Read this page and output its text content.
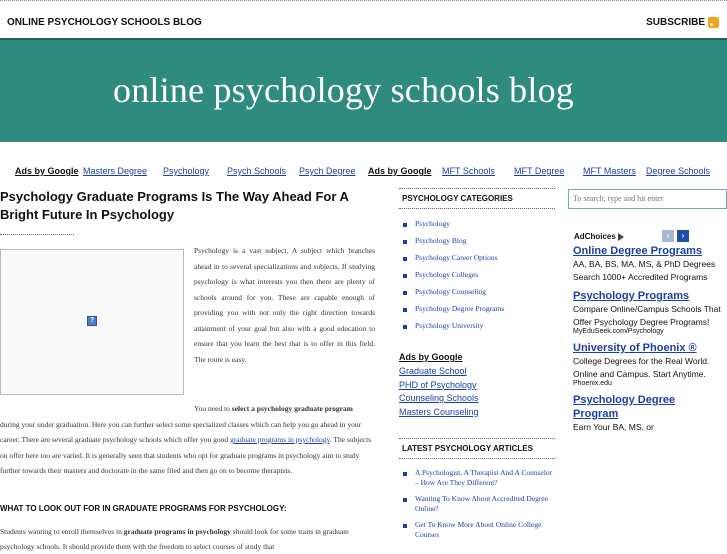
ONLINE PSYCHOLOGY SCHOOLS BLOG	SUBSCRIBE
online psychology schools blog
Ads by Google Masters Degree Psychology Psych Schools Psych Degree Ads by Google MFT Schools MFT Degree MFT Masters Degree Schools
Psychology Graduate Programs Is The Way Ahead For A Bright Future In Psychology
?
Psychology is a vast subject. A subject which branches ahead in to several specializations and subjects. If studying psychology is what interests you then there are plenty of schools around for you. These are capable enough of providing you with not only the right direction towards attainment of your goal but also with a good education to ensure that you learn the best that is to offer in this field. The route is easy.
You need to select a psychology graduate program
during your under graduation. Here you can further select some specialized classes which can help you go ahead in your career. There are several graduate psychology schools which offer you good graduate programs in psychology. The subjects on offer here too are varied. It is generally seen that students who opt for graduate programs in psychology aim to study further towards their masters and doctorate in the same filed and then go on to become therapists.
WHAT TO LOOK OUT FOR IN GRADUATE PROGRAMS FOR PSYCHOLOGY:
Students wanting to enroll themselves in graduate programs in psychology should look for some traits in graduate psychology schools. It should provide them with the freedom to select courses of study that
PSYCHOLOGY CATEGORIES
Psychology
Psychology Blog
Psychology Career Options
Psychology Colleges
Psychology Counseling
Psychology Degree Programs
Psychology University
Ads by Google
Graduate School
PHD of Psychology
Counseling Schools
Masters Counseling
LATEST PSYCHOLOGY ARTICLES
A Psychologist, A Therapist And A Counselor – How Are They Different?
Wanting To Know About Accredited Degree Online?
Get To Know More About Online College Courses
To search, type and hit enter
AdChoices	‹	›
Online Degree Programs
AA, BA, BS, MA, MS, & PhD Degrees Search 1000+ Accredited Programs
Psychology Programs
Compare Online/Campus Schools That Offer Psychology Degree Programs!
MyEduSeek.com/Psychology
University of Phoenix ®
College Degrees for the Real World. Online and Campus. Start Anytime.
Phoenix.edu
Psychology Degree Program
Earn Your BA, MS, or
